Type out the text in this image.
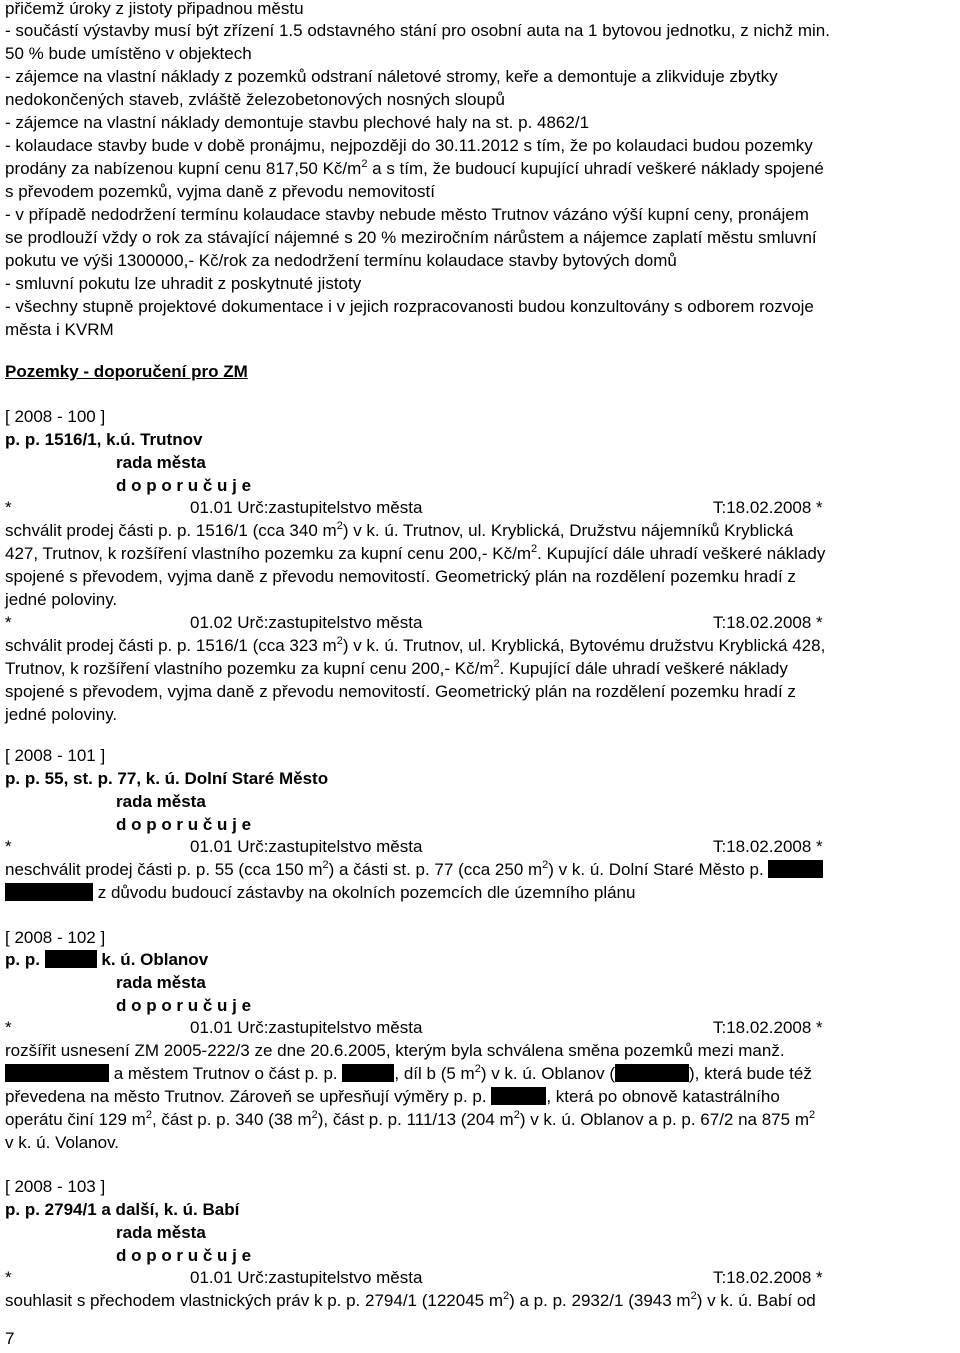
přičemž úroky z jistoty připadnou městu
- součástí výstavby musí být zřízení 1.5 odstavného stání pro osobní auta na 1 bytovou jednotku, z nichž min.
50 % bude umístěno v objektech
- zájemce na vlastní náklady z pozemků odstraní náletové stromy, keře a demontuje a zlikviduje zbytky
nedokončených staveb, zvláště železobetonových nosných sloupů
- zájemce na vlastní náklady demontuje stavbu plechové haly na st. p. 4862/1
- kolaudace stavby bude v době pronájmu, nejpozději do 30.11.2012 s tím, že po kolaudaci budou pozemky
prodány za nabízenou kupní cenu 817,50 $Kč/m^2$ a s tím, že budoucí kupující uhradí veškeré náklady spojené
s převodem pozemků, vyjma daně z převodu nemovitostí
- v případě nedodržení termínu kolaudace stavby nebude město Trutnov vázáno výší kupní ceny, pronájem
se prodlouží vždy o rok za stávající nájemné s 20 % meziročním nárůstem a nájemce zaplatí městu smluvní
pokutu ve výši 1300000,- Kč/rok za nedodržení termínu kolaudace stavby bytových domů
- smluvní pokutu lze uhradit z poskytnuté jistoty
- všechny stupně projektové dokumentace i v jejich rozpracovanosti budou konzultovány s odborem rozvoje
města i KVRM
Pozemky - doporučení pro ZM
[ 2008 - 100 ]
p. p. 1516/1, k.ú. Trutnov
rada města
d o p o r u č u j e
*	01.01 Urč:zastupitelstvo města	T:18.02.2008 *
schválit prodej části p. p. 1516/1 (cca 340 $m^2$) v k. ú. Trutnov, ul. Kryblická, Družstvu nájemníků Kryblická
427, Trutnov, k rozšíření vlastního pozemku za kupní cenu 200,- $Kč/m^2$. Kupující dále uhradí veškeré náklady
spojené s převodem, vyjma daně z převodu nemovitostí. Geometrický plán na rozdělení pozemku hradí z
jedné poloviny.
*	01.02 Urč:zastupitelstvo města	T:18.02.2008 *
schválit prodej části p. p. 1516/1 (cca 323 $m^2$) v k. ú. Trutnov, ul. Kryblická, Bytovému družstvu Kryblická 428,
Trutnov, k rozšíření vlastního pozemku za kupní cenu 200,- $Kč/m^2$. Kupující dále uhradí veškeré náklady
spojené s převodem, vyjma daně z převodu nemovitostí. Geometrický plán na rozdělení pozemku hradí z
jedné poloviny.
[ 2008 - 101 ]
p. p. 55, st. p. 77, k. ú. Dolní Staré Město
rada města
d o p o r u č u j e
*	01.01 Urč:zastupitelstvo města	T:18.02.2008 *
neschválit prodej části p. p. 55 (cca 150 $m^2$) a části st. p. 77 (cca 250 $m^2$) v k. ú. Dolní Staré Město p.
z důvodu budoucí zástavby na okolních pozemcích dle územního plánu
[ 2008 - 102 ]
p. p.	k. ú. Oblanov
rada města
d o p o r u č u j e
*	01.01 Urč:zastupitelstvo města	T:18.02.2008 *
rozšířit usnesení ZM 2005-222/3 ze dne 20.6.2005, kterým byla schválena směna pozemků mezi manž.
a městem Trutnov o část p. p.	, díl b (5 $m^2$) v k. ú. Oblanov (	), která bude též
převedena na město Trutnov. Zároveň se upřesňují výměry p. p.	, která po obnově katastrálního
operátu činí 129 $m^2$, část p. p. 340 (38 $m^2$), část p. p. 111/13 (204 $m^2$) v k. ú. Oblanov a p. p. 67/2 na 875 $m^2$
v k. ú. Volanov.
[ 2008 - 103 ]
p. p. 2794/1 a další, k. ú. Babí
rada města
d o p o r u č u j e
*	01.01 Urč:zastupitelstvo města	T:18.02.2008 *
souhlasit s přechodem vlastnických práv k p. p. 2794/1 (122045 $m^2$) a p. p. 2932/1 (3943 $m^2$) v k. ú. Babí od
7
